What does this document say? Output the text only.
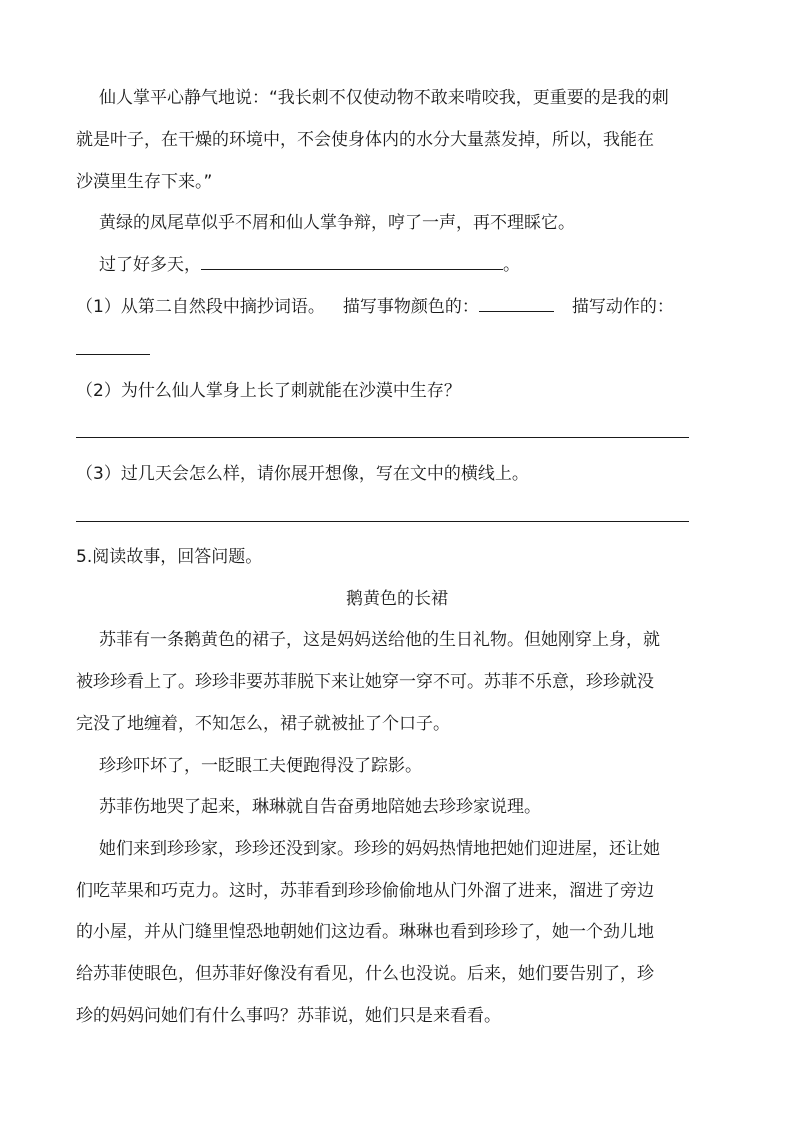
仙人掌平心静气地说：“我长刺不仅使动物不敢来啃咬我，更重要的是我的刺
就是叶子，在干燥的环境中，不会使身体内的水分大量蒸发掉，所以，我能在
沙漠里生存下来。”
黄绿的凤尾草似乎不屑和仙人掌争辩，哼了一声，再不理睬它。
过了好多天，	。
（1）从第二自然段中摘抄词语。 描写事物颜色的：	描写动作的：
（2）为什么仙人掌身上长了刺就能在沙漠中生存？
（3）过几天会怎么样，请你展开想像，写在文中的横线上。
5.阅读故事，回答问题。
鹅黄色的长裙
苏菲有一条鹅黄色的裙子，这是妈妈送给他的生日礼物。但她刚穿上身，就
被珍珍看上了。珍珍非要苏菲脱下来让她穿一穿不可。苏菲不乐意，珍珍就没
完没了地缠着，不知怎么，裙子就被扯了个口子。
珍珍吓坏了，一眨眼工夫便跑得没了踪影。
苏菲伤地哭了起来，琳琳就自告奋勇地陪她去珍珍家说理。
她们来到珍珍家，珍珍还没到家。珍珍的妈妈热情地把她们迎进屋，还让她
们吃苹果和巧克力。这时，苏菲看到珍珍偷偷地从门外溜了进来，溜进了旁边
的小屋，并从门缝里惶恐地朝她们这边看。琳琳也看到珍珍了，她一个劲儿地
给苏菲使眼色，但苏菲好像没有看见，什么也没说。后来，她们要告别了，珍
珍的妈妈问她们有什么事吗？苏菲说，她们只是来看看。
